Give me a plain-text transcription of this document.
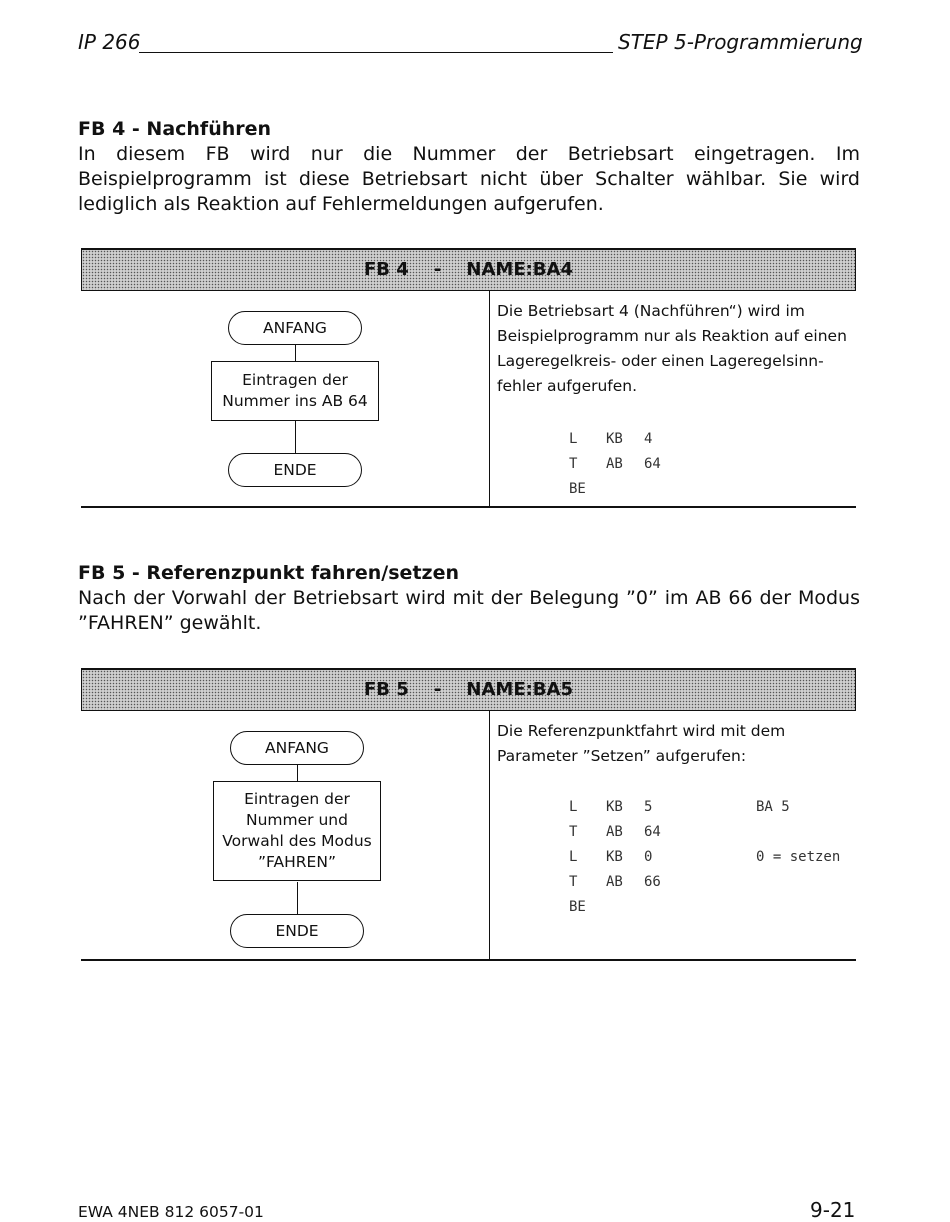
IP 266	STEP 5-Programmierung
FB 4 - Nachführen
In diesem FB wird nur die Nummer der Betriebsart eingetragen. Im Beispielprogramm ist diese Betriebsart nicht über Schalter wählbar. Sie wird lediglich als Reaktion auf Fehlermeldungen aufgerufen.
FB 4    -    NAME:BA4
ANFANG
Eintragen der Nummer ins AB 64
ENDE
Die Betriebsart 4 (Nachführen“) wird im Beispielprogramm nur als Reaktion auf einen Lageregelkreis- oder einen Lageregelsinn-fehler aufgerufen.
L	KB	4
T	AB	64
BE
FB 5 - Referenzpunkt fahren/setzen
Nach der Vorwahl der Betriebsart wird mit der Belegung ”0” im AB 66 der Modus ”FAHREN” gewählt.
FB 5    -    NAME:BA5
ANFANG
Eintragen der Nummer und Vorwahl des Modus ”FAHREN”
ENDE
Die Referenzpunktfahrt wird mit dem Parameter ”Setzen” aufgerufen:
L	KB	5	BA 5
T	AB	64
L	KB	0	0 = setzen
T	AB	66
BE
EWA 4NEB 812 6057-01	9-21
